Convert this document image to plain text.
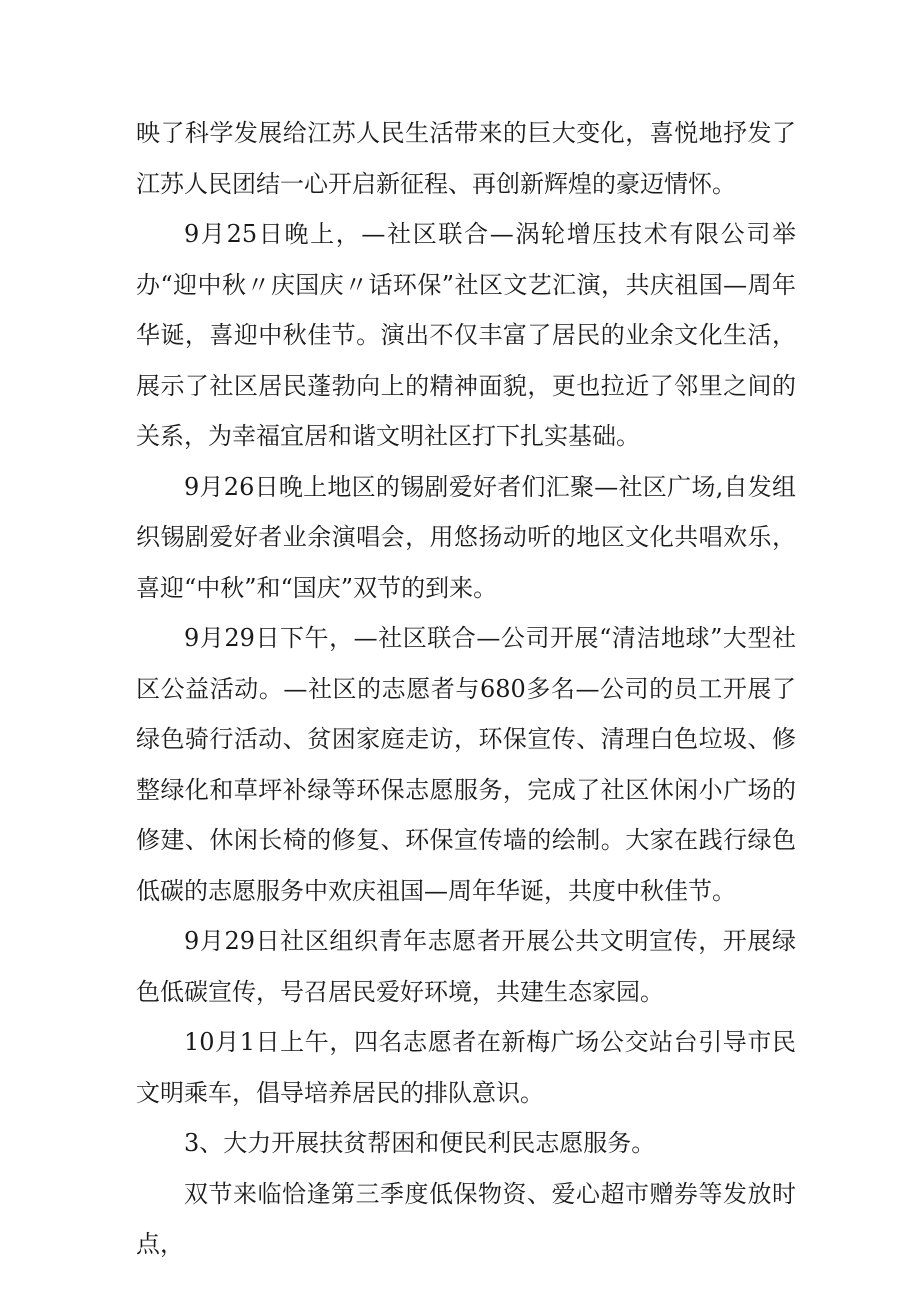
映了科学发展给江苏人民生活带来的巨大变化，喜悦地抒发了江苏人民团结一心开启新征程、再创新辉煌的豪迈情怀。

9月25日晚上，—社区联合—涡轮增压技术有限公司举办“迎中秋〃庆国庆〃话环保”社区文艺汇演，共庆祖国—周年华诞，喜迎中秋佳节。演出不仅丰富了居民的业余文化生活，展示了社区居民蓬勃向上的精神面貌，更也拉近了邻里之间的关系，为幸福宜居和谐文明社区打下扎实基础。

9月26日晚上地区的锡剧爱好者们汇聚—社区广场,自发组织锡剧爱好者业余演唱会，用悠扬动听的地区文化共唱欢乐，喜迎“中秋”和“国庆”双节的到来。

9月29日下午，—社区联合—公司开展“清洁地球”大型社区公益活动。—社区的志愿者与680多名—公司的员工开展了绿色骑行活动、贫困家庭走访，环保宣传、清理白色垃圾、修整绿化和草坪补绿等环保志愿服务，完成了社区休闲小广场的修建、休闲长椅的修复、环保宣传墙的绘制。大家在践行绿色低碳的志愿服务中欢庆祖国—周年华诞，共度中秋佳节。

9月29日社区组织青年志愿者开展公共文明宣传，开展绿色低碳宣传，号召居民爱好环境，共建生态家园。

10月1日上午，四名志愿者在新梅广场公交站台引导市民文明乘车，倡导培养居民的排队意识。

3、大力开展扶贫帮困和便民利民志愿服务。

双节来临恰逢第三季度低保物资、爱心超市赠券等发放时点，
